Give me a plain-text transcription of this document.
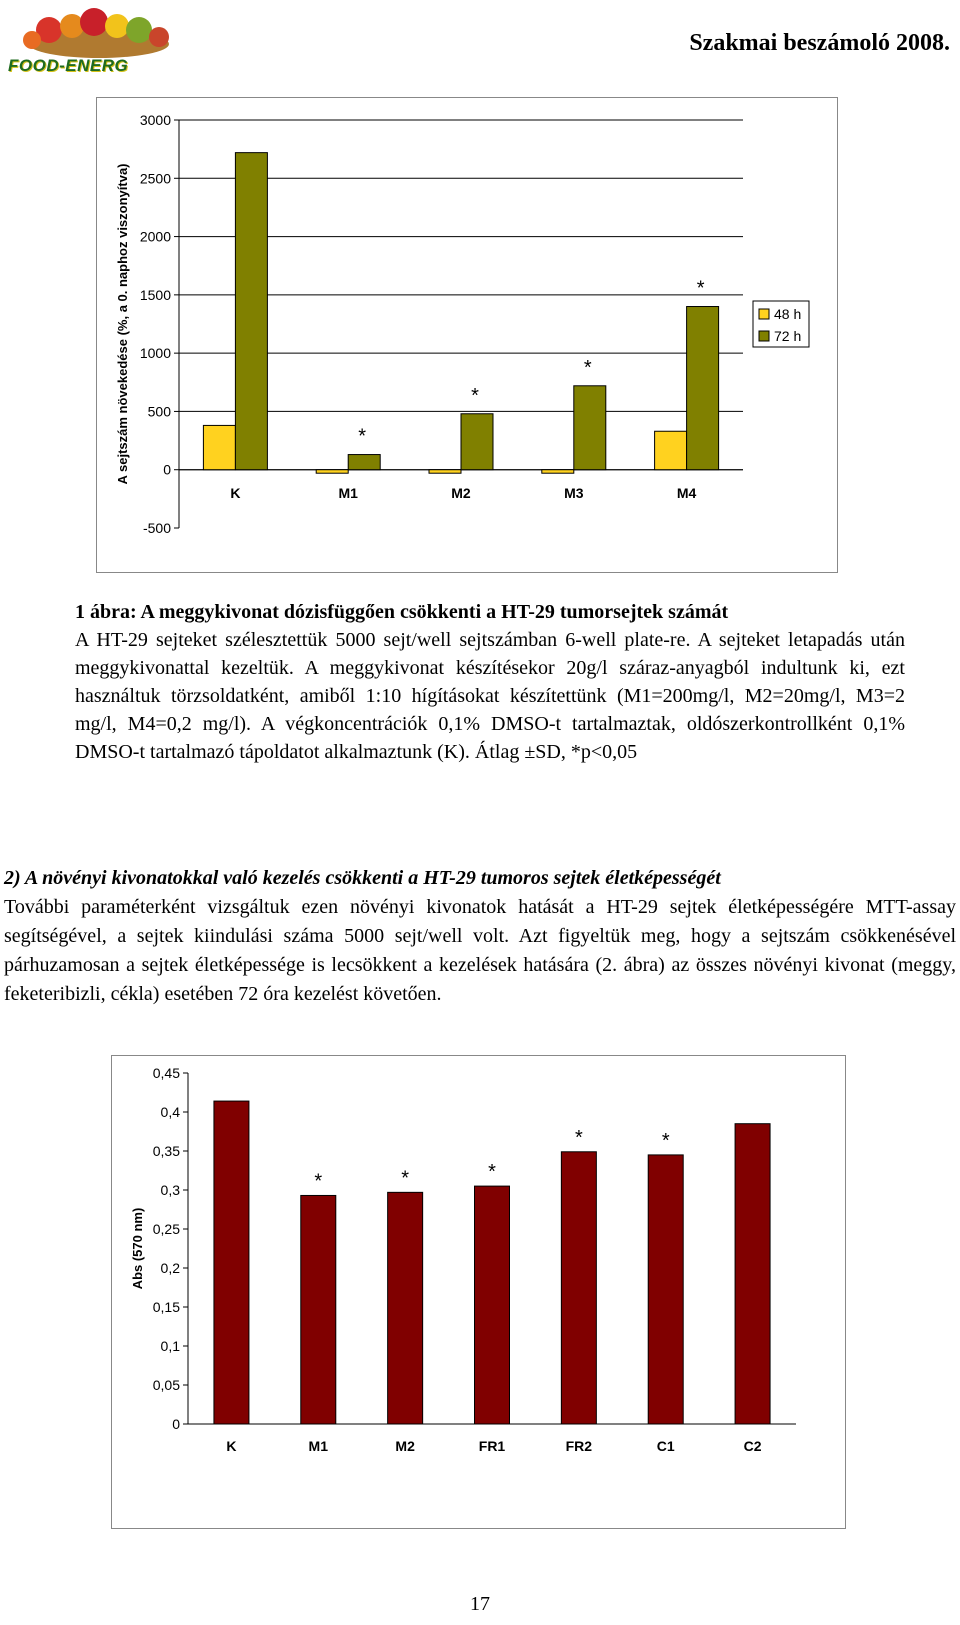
FOOD-ENERG
Szakmai beszámoló 2008.
-500
0
500
1000
1500
2000
2500
3000
K	M1
*
M2
*
M3
*
M4
*
A sejtszám növekedése (%, a 0. naphoz viszonyítva)	48 h
72 h

1 ábra: A meggykivonat dózisfüggően csökkenti a HT-29 tumorsejtek számát

A HT-29 sejteket szélesztettük 5000 sejt/well sejtszámban 6-well plate-re. A sejteket letapadás után meggykivonattal kezeltük. A meggykivonat készítésekor 20g/l száraz-anyagból indultunk ki, ezt használtuk törzsoldatként, amiből 1:10 hígításokat készítettünk (M1=200mg/l, M2=20mg/l, M3=2 mg/l, M4=0,2 mg/l). A végkoncentrációk 0,1% DMSO-t tartalmaztak, oldószerkontrollként 0,1% DMSO-t tartalmazó tápoldatot alkalmaztunk (K). Átlag ±SD, *p<0,05

2) A növényi kivonatokkal való kezelés csökkenti a HT-29 tumoros sejtek életképességét

További paraméterként vizsgáltuk ezen növényi kivonatok hatását a HT-29 sejtek életképességére MTT-assay segítségével, a sejtek kiindulási száma 5000 sejt/well volt. Azt figyeltük meg, hogy a sejtszám csökkenésével párhuzamosan a sejtek életképessége is lecsökkent a kezelések hatására (2. ábra) az összes növényi kivonat (meggy, feketeribizli, cékla) esetében 72 óra kezelést követően.

0
0,05
0,1
0,15
0,2
0,25
0,3
0,35
0,4
0,45
K	M1
*
M2
*
FR1
*
FR2
*
C1
*
C2
Abs (570 nm)
17
